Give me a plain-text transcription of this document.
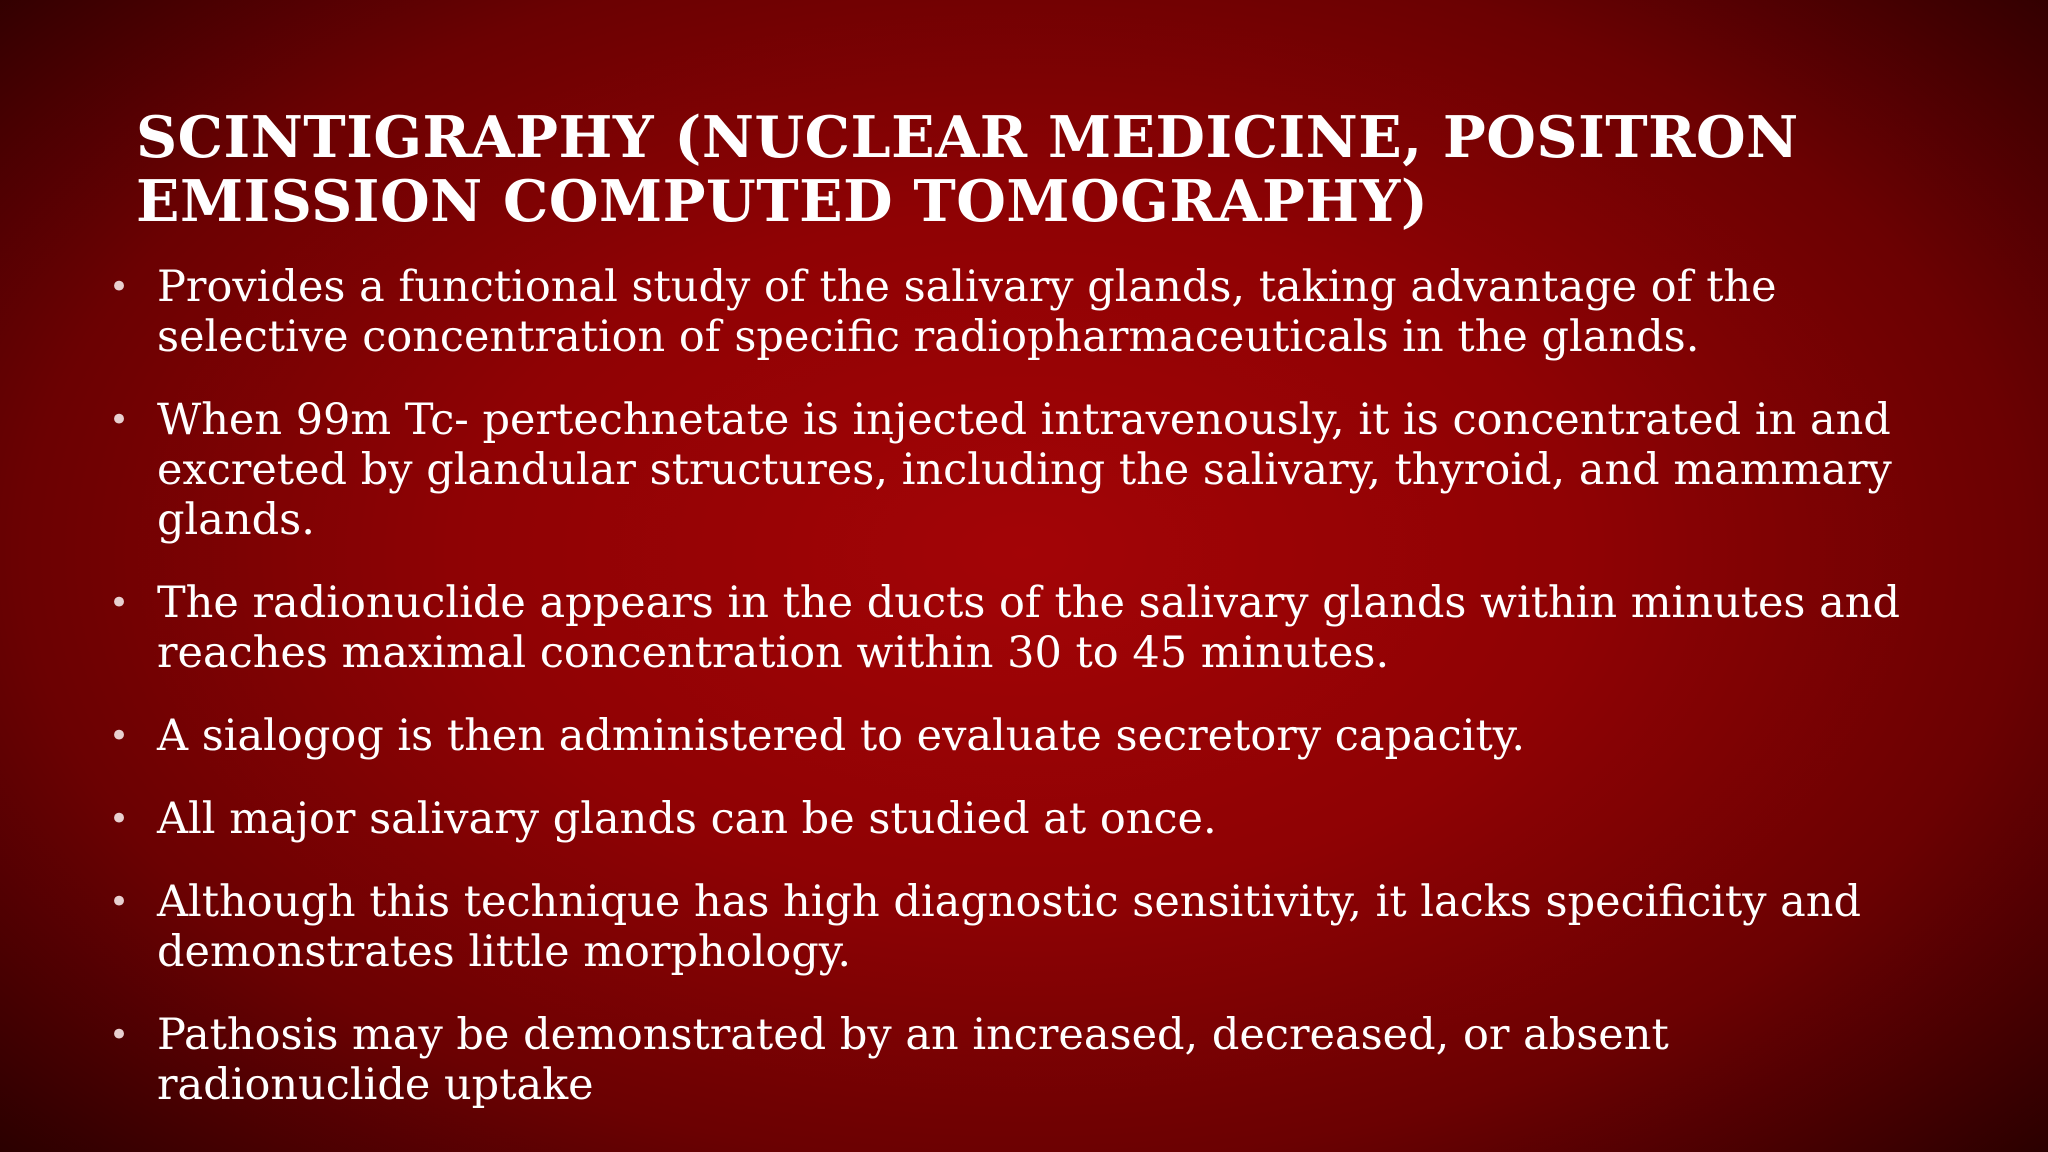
SCINTIGRAPHY (NUCLEAR MEDICINE, POSITRON EMISSION COMPUTED TOMOGRAPHY)
• Provides a functional study of the salivary glands, taking advantage of the selective concentration of specific radiopharmaceuticals in the glands.
• When 99m Tc- pertechnetate is injected intravenously, it is concentrated in and excreted by glandular structures, including the salivary, thyroid, and mammary glands.
• The radionuclide appears in the ducts of the salivary glands within minutes and reaches maximal concentration within 30 to 45 minutes.
• A sialogog is then administered to evaluate secretory capacity.
• All major salivary glands can be studied at once.
• Although this technique has high diagnostic sensitivity, it lacks specificity and demonstrates little morphology.
• Pathosis may be demonstrated by an increased, decreased, or absent radionuclide uptake
